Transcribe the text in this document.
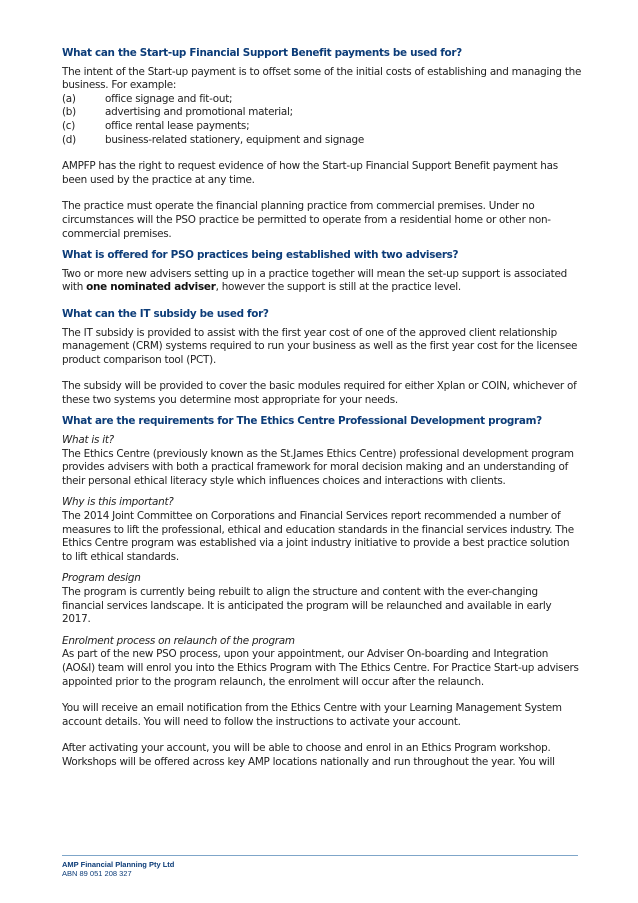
What can the Start-up Financial Support Benefit payments be used for?

The intent of the Start-up payment is to offset some of the initial costs of establishing and managing the business. For example:

(a)	office signage and fit-out;
(b)	advertising and promotional material;
(c)	office rental lease payments;
(d)	business-related stationery, equipment and signage

AMPFP has the right to request evidence of how the Start-up Financial Support Benefit payment has been used by the practice at any time.

The practice must operate the financial planning practice from commercial premises. Under no circumstances will the PSO practice be permitted to operate from a residential home or other non-commercial premises.

What is offered for PSO practices being established with two advisers?

Two or more new advisers setting up in a practice together will mean the set-up support is associated with one nominated adviser, however the support is still at the practice level.

What can the IT subsidy be used for?

The IT subsidy is provided to assist with the first year cost of one of the approved client relationship management (CRM) systems required to run your business as well as the first year cost for the licensee product comparison tool (PCT).

The subsidy will be provided to cover the basic modules required for either Xplan or COIN, whichever of these two systems you determine most appropriate for your needs.

What are the requirements for The Ethics Centre Professional Development program?

What is it?

The Ethics Centre (previously known as the St.James Ethics Centre) professional development program provides advisers with both a practical framework for moral decision making and an understanding of their personal ethical literacy style which influences choices and interactions with clients.

Why is this important?

The 2014 Joint Committee on Corporations and Financial Services report recommended a number of measures to lift the professional, ethical and education standards in the financial services industry. The Ethics Centre program was established via a joint industry initiative to provide a best practice solution to lift ethical standards.

Program design

The program is currently being rebuilt to align the structure and content with the ever-changing financial services landscape. It is anticipated the program will be relaunched and available in early 2017.

Enrolment process on relaunch of the program

As part of the new PSO process, upon your appointment, our Adviser On-boarding and Integration (AO&I) team will enrol you into the Ethics Program with The Ethics Centre. For Practice Start-up advisers appointed prior to the program relaunch, the enrolment will occur after the relaunch.

You will receive an email notification from the Ethics Centre with your Learning Management System account details. You will need to follow the instructions to activate your account.

After activating your account, you will be able to choose and enrol in an Ethics Program workshop. Workshops will be offered across key AMP locations nationally and run throughout the year. You will

AMP Financial Planning Pty Ltd
ABN 89 051 208 327
